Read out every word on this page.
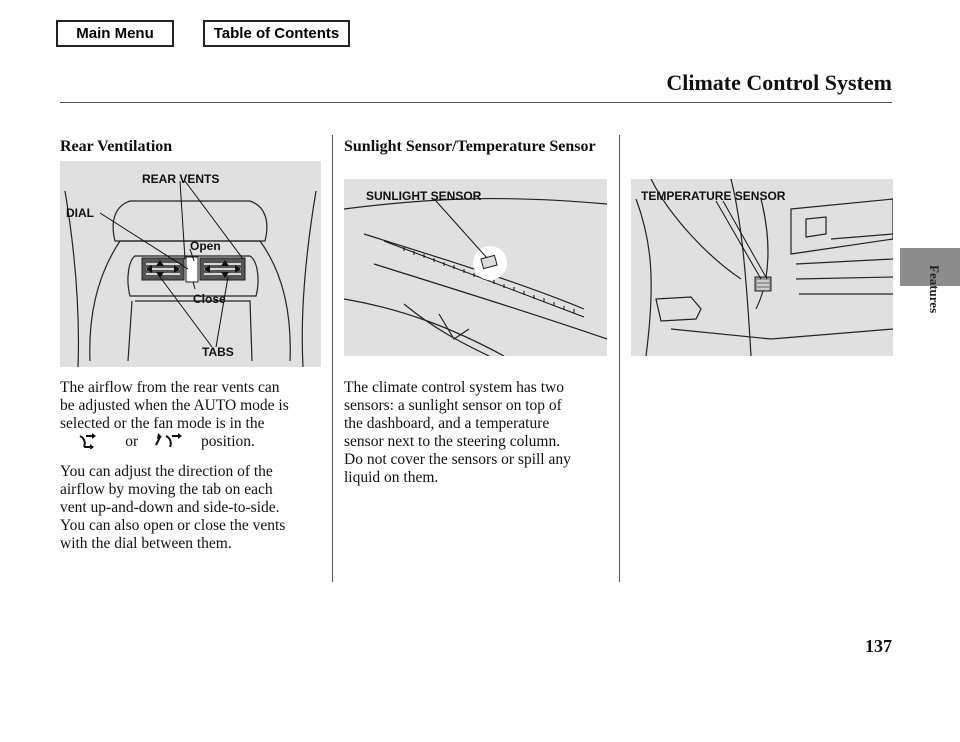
Main Menu	Table of Contents
Climate Control System
Features
Rear Ventilation
REAR VENTS
DIAL
Open
Close
TABS

The airflow from the rear vents can
be adjusted when the AUTO mode is
selected or the fan mode is in the
or	position.

You can adjust the direction of the
airflow by moving the tab on each
vent up-and-down and side-to-side.
You can also open or close the vents
with the dial between them.

Sunlight Sensor/Temperature Sensor
SUNLIGHT SENSOR	TEMPERATURE SENSOR

The climate control system has two
sensors: a sunlight sensor on top of
the dashboard, and a temperature
sensor next to the steering column.
Do not cover the sensors or spill any
liquid on them.

137
